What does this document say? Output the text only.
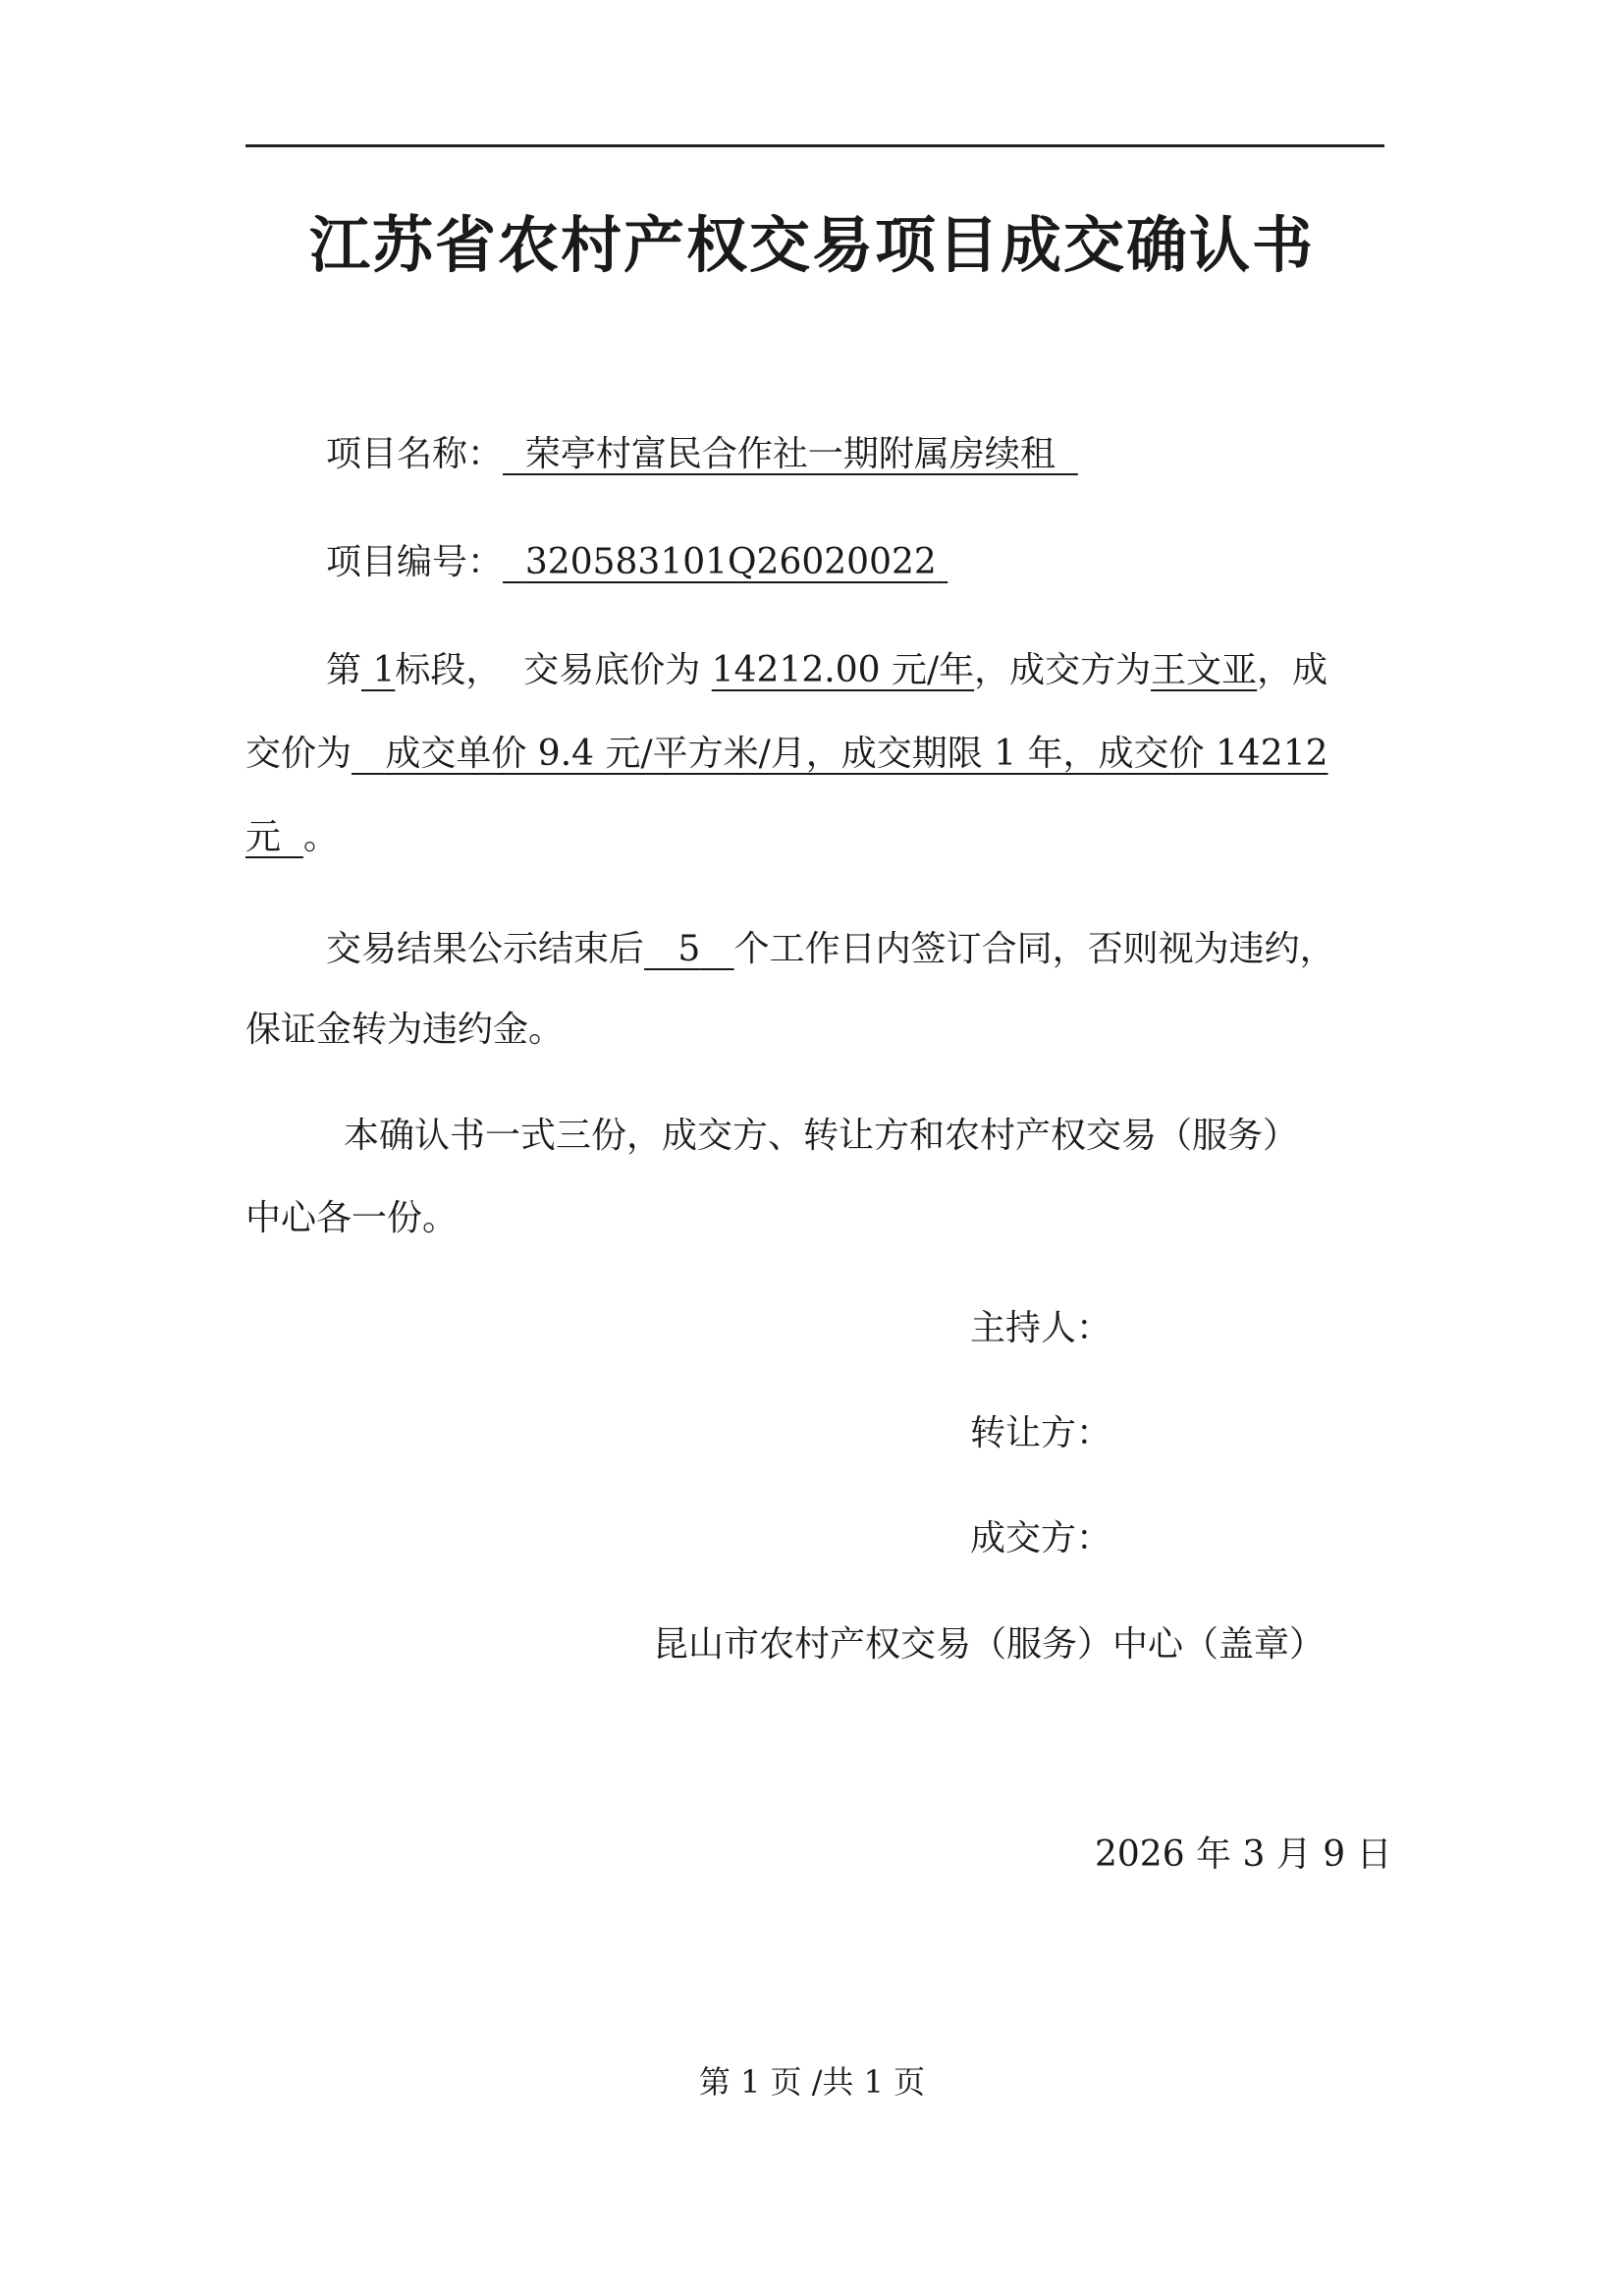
江苏省农村产权交易项目成交确认书
项目名称： 荣亭村富民合作社一期附属房续租
项目编号： 320583101Q26020022
第 1标段， 交易底价为 14212.00 元/年，成交方为王文亚，成
交价为 成交单价 9.4 元/平方米/月，成交期限 1 年，成交价 14212
元 。
交易结果公示结束后 5 个工作日内签订合同，否则视为违约，
保证金转为违约金。
本确认书一式三份，成交方、转让方和农村产权交易（服务）
中心各一份。
主持人：
转让方：
成交方：
昆山市农村产权交易（服务）中心（盖章）
2026 年 3 月 9 日
第 1 页 /共 1 页
